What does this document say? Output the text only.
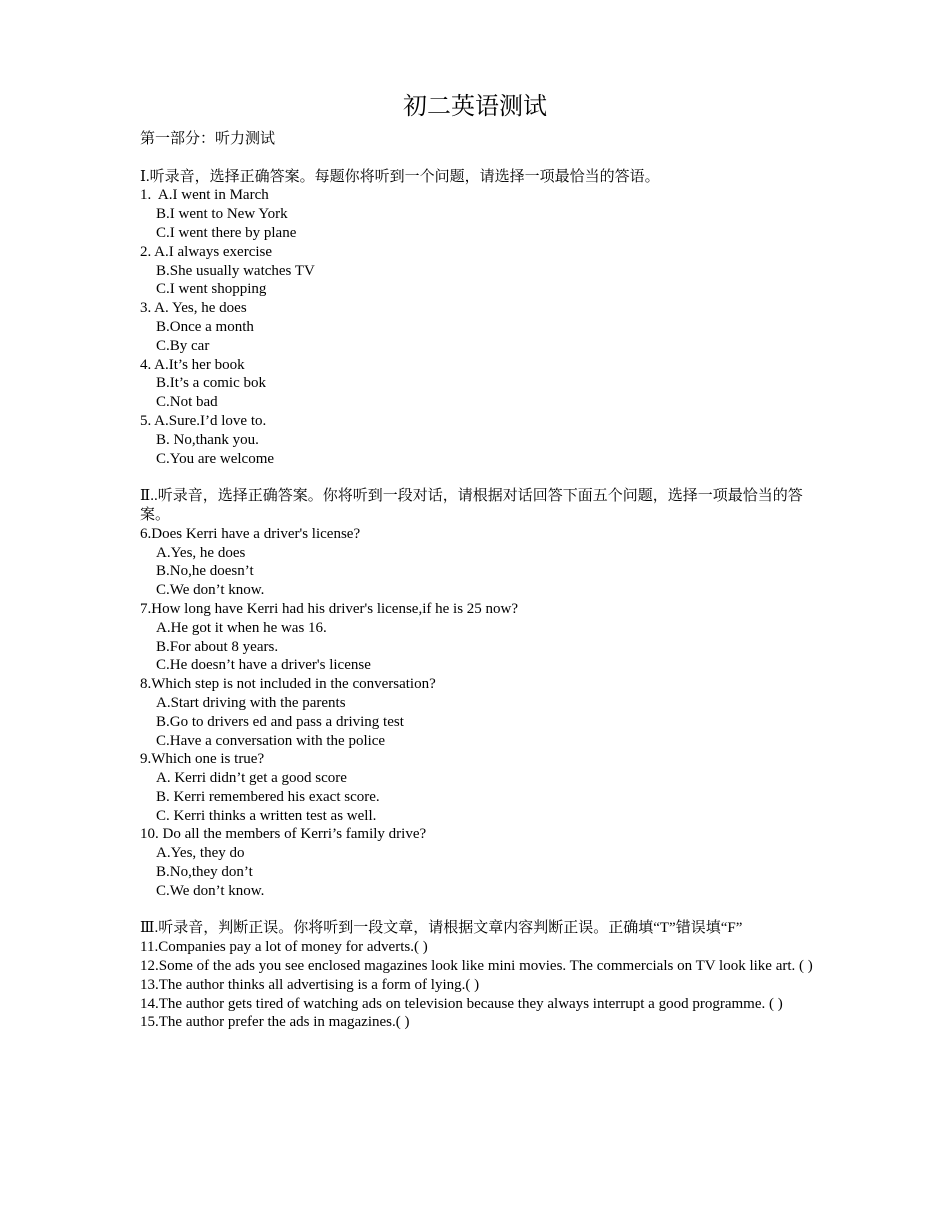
初二英语测试
第一部分：听力测试
Ⅰ.听录音，选择正确答案。每题你将听到一个问题，请选择一项最恰当的答语。
1.  A.I went in March
B.I went to New York
C.I went there by plane
2. A.I always exercise
B.She usually watches TV
C.I went shopping
3. A. Yes, he does
B.Once a month
C.By car
4. A.It’s her book
B.It’s a comic bok
C.Not bad
5. A.Sure.I’d love to.
B. No,thank you.
C.You are welcome
Ⅱ..听录音，选择正确答案。你将听到一段对话，请根据对话回答下面五个问题，选择一项最恰当的答案。
6.Does Kerri have a driver's license?
A.Yes, he does
B.No,he doesn’t
C.We don’t know.
7.How long have Kerri had his driver's license,if he is 25 now?
A.He got it when he was 16.
B.For about 8 years.
C.He doesn’t have a driver's license
8.Which step is not included in the conversation?
A.Start driving with the parents
B.Go to drivers ed and pass a driving test
C.Have a conversation with the police
9.Which one is true?
A. Kerri didn’t get a good score
B. Kerri remembered his exact score.
C. Kerri thinks a written test as well.
10. Do all the members of Kerri’s family drive?
A.Yes, they do
B.No,they don’t
C.We don’t know.
Ⅲ.听录音，判断正误。你将听到一段文章，请根据文章内容判断正误。正确填“T”错误填“F”
11.Companies pay a lot of money for adverts.( )
12.Some of the ads you see enclosed magazines look like mini movies. The commercials on TV look like art. ( )
13.The author thinks all advertising is a form of lying.( )
14.The author gets tired of watching ads on television because they always interrupt a good programme. ( )
15.The author prefer the ads in magazines.( )
